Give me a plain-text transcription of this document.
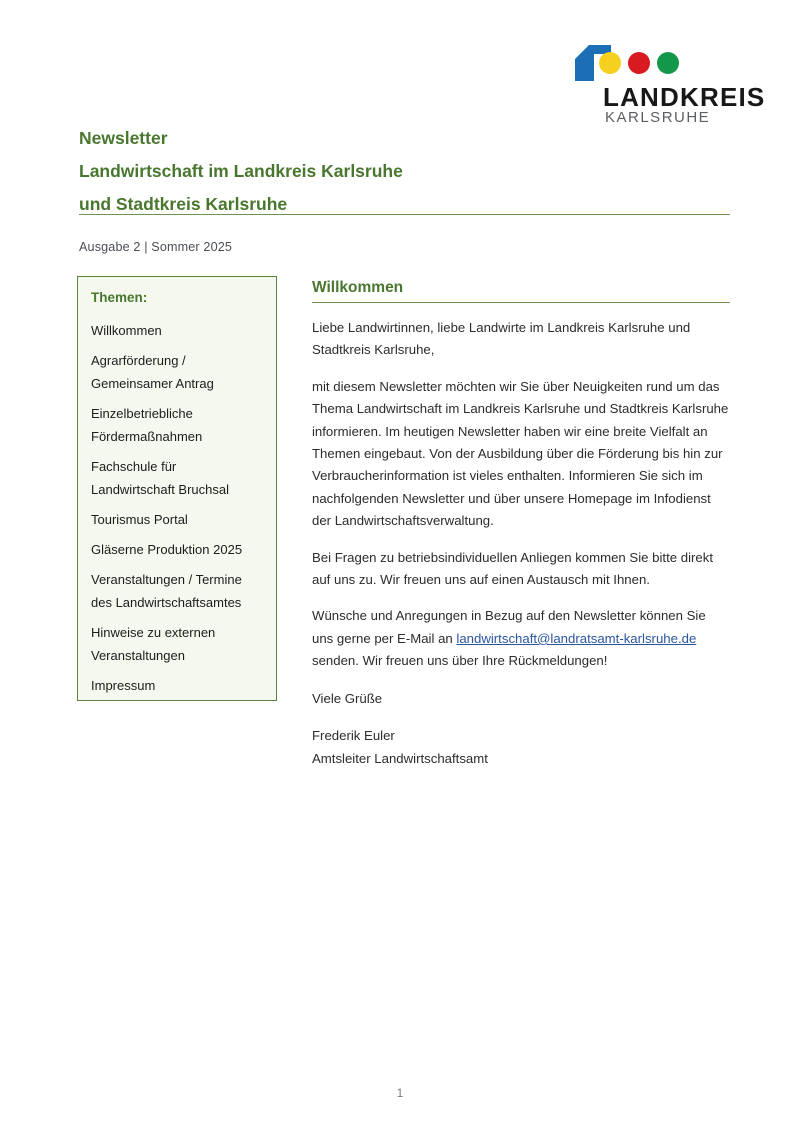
LANDKREIS
KARLSRUHE
Newsletter
Landwirtschaft im Landkreis Karlsruhe
und Stadtkreis Karlsruhe
Ausgabe 2 | Sommer 2025
Themen:
Willkommen
Agrarförderung / Gemeinsamer Antrag
Einzelbetriebliche Fördermaßnahmen
Fachschule für Landwirtschaft Bruchsal
Tourismus Portal
Gläserne Produktion 2025
Veranstaltungen / Termine des Landwirtschaftsamtes
Hinweise zu externen Veranstaltungen
Impressum
Willkommen

Liebe Landwirtinnen, liebe Landwirte im Landkreis Karlsruhe und Stadtkreis Karlsruhe,

mit diesem Newsletter möchten wir Sie über Neuigkeiten rund um das Thema Landwirtschaft im Landkreis Karlsruhe und Stadtkreis Karlsruhe informieren. Im heutigen Newsletter haben wir eine breite Vielfalt an Themen eingebaut. Von der Ausbildung über die Förderung bis hin zur Verbraucherinformation ist vieles enthalten. Informieren Sie sich im nachfolgenden Newsletter und über unsere Homepage im Infodienst der Landwirtschaftsverwaltung.

Bei Fragen zu betriebsindividuellen Anliegen kommen Sie bitte direkt auf uns zu. Wir freuen uns auf einen Austausch mit Ihnen.

Wünsche und Anregungen in Bezug auf den Newsletter können Sie uns gerne per E-Mail an landwirtschaft@landratsamt-karlsruhe.de senden. Wir freuen uns über Ihre Rückmeldungen!

Viele Grüße

Frederik Euler
Amtsleiter Landwirtschaftsamt

1
